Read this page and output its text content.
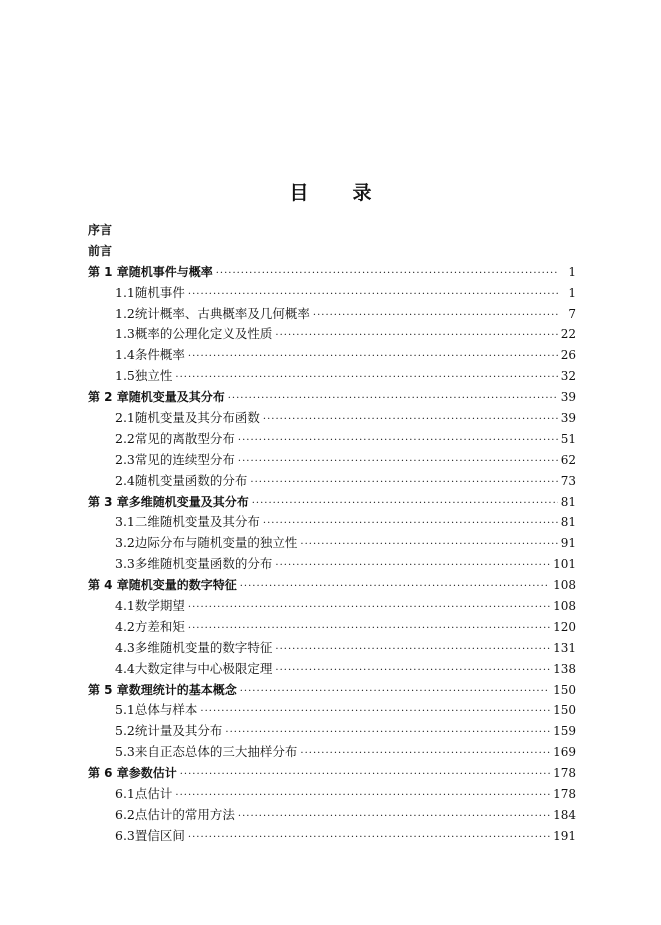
目录
序言
前言
第 1 章 随机事件与概率 ·····	1
1.1 随机事件 ·····	1
1.2 统计概率、古典概率及几何概率 ·····	7
1.3 概率的公理化定义及性质 ·····	22
1.4 条件概率 ·····	26
1.5 独立性 ·····	32
第 2 章 随机变量及其分布 ·····	39
2.1 随机变量及其分布函数 ·····	39
2.2 常见的离散型分布 ·····	51
2.3 常见的连续型分布 ·····	62
2.4 随机变量函数的分布 ·····	73
第 3 章 多维随机变量及其分布 ·····	81
3.1 二维随机变量及其分布 ·····	81
3.2 边际分布与随机变量的独立性 ·····	91
3.3 多维随机变量函数的分布 ·····	101
第 4 章 随机变量的数字特征 ·····	108
4.1 数学期望 ·····	108
4.2 方差和矩 ·····	120
4.3 多维随机变量的数字特征 ·····	131
4.4 大数定律与中心极限定理 ·····	138
第 5 章 数理统计的基本概念 ·····	150
5.1 总体与样本 ·····	150
5.2 统计量及其分布 ·····	159
5.3 来自正态总体的三大抽样分布 ·····	169
第 6 章 参数估计 ·····	178
6.1 点估计 ·····	178
6.2 点估计的常用方法 ·····	184
6.3 置信区间 ·····	191
